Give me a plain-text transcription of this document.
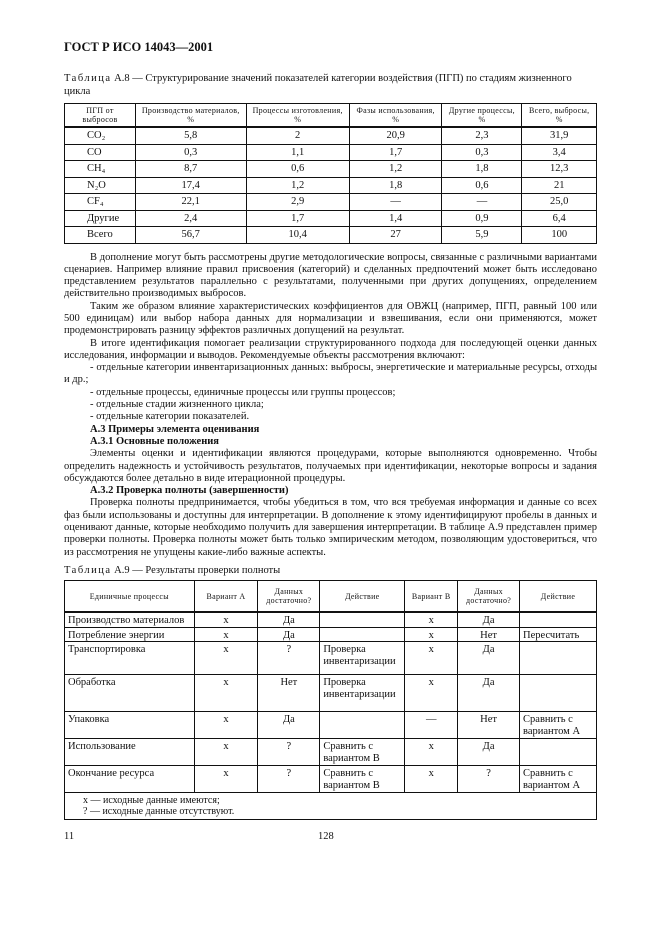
ГОСТ Р ИСО 14043—2001
Таблица А.8 — Структурирование значений показателей категории воздействия (ПГП) по стадиям жизненного цикла
ПГП от выбросов	Производство материалов, %	Процессы изготовления, %	Фазы использования, %	Другие процессы, %	Всего, выбросы, %
CO₂	5,8	2	20,9	2,3	31,9
CO	0,3	1,1	1,7	0,3	3,4
CH₄	8,7	0,6	1,2	1,8	12,3
N₂O	17,4	1,2	1,8	0,6	21
CF₄	22,1	2,9	—	—	25,0
Другие	2,4	1,7	1,4	0,9	6,4
Всего	56,7	10,4	27	5,9	100

В дополнение могут быть рассмотрены другие методологические вопросы, связанные с различными вариантами сценариев. Например влияние правил присвоения (категорий) и сделанных предпочтений может быть исследовано представлением результатов параллельно с результатами, полученными при других допущениях, определением действительно производимых выбросов.

Таким же образом влияние характеристических коэффициентов для ОВЖЦ (например, ПГП, равный 100 или 500 единицам) или выбор набора данных для нормализации и взвешивания, если они применяются, может продемонстрировать разницу эффектов различных допущений на результат.

В итоге идентификация помогает реализации структурированного подхода для последующей оценки данных исследования, информации и выводов. Рекомендуемые объекты рассмотрения включают:

- отдельные категории инвентаризационных данных: выбросы, энергетические и материальные ресурсы, отходы и др.;

- отдельные процессы, единичные процессы или группы процессов;

- отдельные стадии жизненного цикла;

- отдельные категории показателей.

А.3 Примеры элемента оценивания

А.3.1 Основные положения

Элементы оценки и идентификации являются процедурами, которые выполняются одновременно. Чтобы определить надежность и устойчивость результатов, получаемых при идентификации, некоторые вопросы и задания обсуждаются более детально в виде итерационной процедуры.

А.3.2 Проверка полноты (завершенности)

Проверка полноты предпринимается, чтобы убедиться в том, что вся требуемая информация и данные со всех фаз были использованы и доступны для интерпретации. В дополнение к этому идентифицируют пробелы в данных и оценивают данные, которые необходимо получить для завершения интерпретации. В таблице А.9 представлен пример проверки полноты. Проверка полноты может быть только эмпирическим методом, позволяющим удостовериться, что из рассмотрения не упущены какие-либо важные аспекты.

Таблица А.9 — Результаты проверки полноты
Единичные процессы	Вариант А	Данных достаточно?	Действие	Вариант В	Данных достаточно?	Действие
Производство материалов	x	Да		x	Да	
Потребление энергии	x	Да		x	Нет	Пересчитать
Транспортировка	x	?	Проверка инвентаризации	x	Да	
Обработка	x	Нет	Проверка инвентаризации	x	Да	
Упаковка	x	Да		—	Нет	Сравнить с вариантом А
Использование	x	?	Сравнить с вариантом В	x	Да	
Окончание ресурса	x	?	Сравнить с вариантом В	x	?	Сравнить с вариантом А

x — исходные данные имеются;
? — исходные данные отсутствуют.						
11	128
